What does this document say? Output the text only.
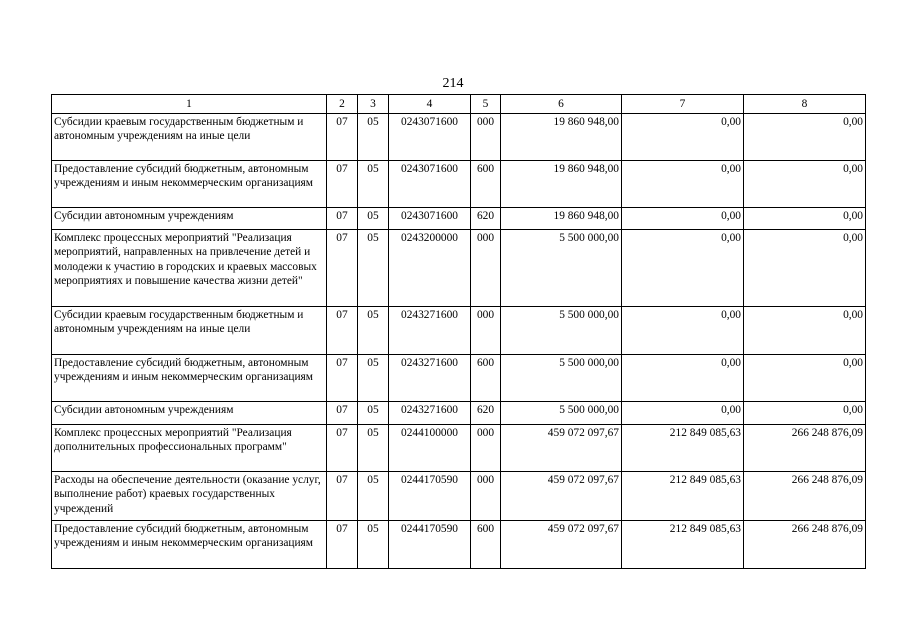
214
1	2	3	4	5	6	7	8
Субсидии краевым государственным бюджетным и автономным учреждениям на иные цели	07	05	0243071600	000	19 860 948,00	0,00	0,00
Предоставление субсидий бюджетным, автономным учреждениям и иным некоммерческим организациям	07	05	0243071600	600	19 860 948,00	0,00	0,00
Субсидии автономным учреждениям	07	05	0243071600	620	19 860 948,00	0,00	0,00
Комплекс процессных мероприятий "Реализация мероприятий, направленных на привлечение детей и молодежи к участию в городских и краевых массовых мероприятиях и повышение качества жизни детей"	07	05	0243200000	000	5 500 000,00	0,00	0,00
Субсидии краевым государственным бюджетным и автономным учреждениям на иные цели	07	05	0243271600	000	5 500 000,00	0,00	0,00
Предоставление субсидий бюджетным, автономным учреждениям и иным некоммерческим организациям	07	05	0243271600	600	5 500 000,00	0,00	0,00
Субсидии автономным учреждениям	07	05	0243271600	620	5 500 000,00	0,00	0,00
Комплекс процессных мероприятий "Реализация дополнительных профессиональных программ"	07	05	0244100000	000	459 072 097,67	212 849 085,63	266 248 876,09
Расходы на обеспечение деятельности (оказание услуг, выполнение работ) краевых государственных учреждений	07	05	0244170590	000	459 072 097,67	212 849 085,63	266 248 876,09
Предоставление субсидий бюджетным, автономным учреждениям и иным некоммерческим организациям	07	05	0244170590	600	459 072 097,67	212 849 085,63	266 248 876,09
